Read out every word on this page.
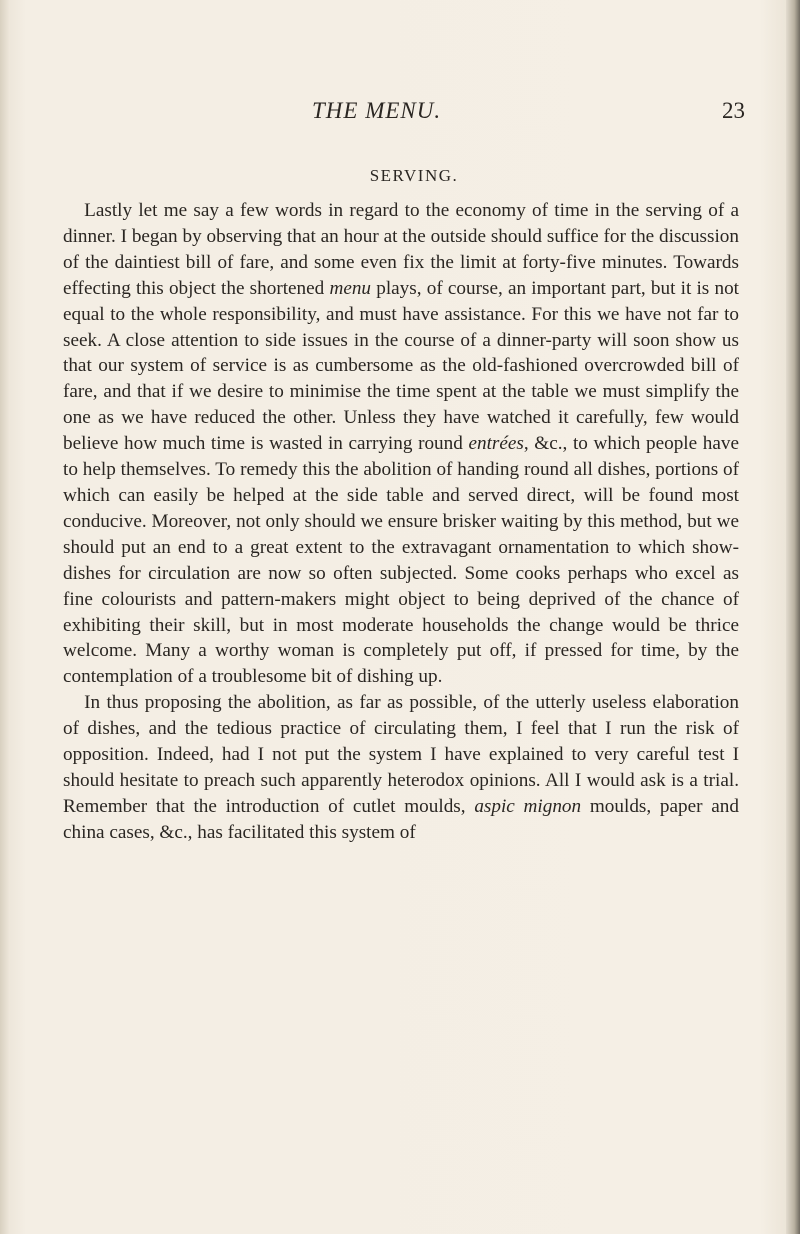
THE MENU.	23
SERVING.

Lastly let me say a few words in regard to the economy of time in the serving of a dinner. I began by observing that an hour at the outside should suffice for the discussion of the daintiest bill of fare, and some even fix the limit at forty-five minutes. Towards effecting this object the shortened menu plays, of course, an important part, but it is not equal to the whole responsibility, and must have assistance. For this we have not far to seek. A close attention to side issues in the course of a dinner-party will soon show us that our system of service is as cumbersome as the old-fashioned overcrowded bill of fare, and that if we desire to minimise the time spent at the table we must simplify the one as we have reduced the other. Unless they have watched it carefully, few would believe how much time is wasted in carrying round entrées, &c., to which people have to help themselves. To remedy this the abolition of handing round all dishes, portions of which can easily be helped at the side table and served direct, will be found most conducive. Moreover, not only should we ensure brisker waiting by this method, but we should put an end to a great extent to the extravagant ornamentation to which show-dishes for circulation are now so often subjected. Some cooks perhaps who excel as fine colourists and pattern-makers might object to being deprived of the chance of exhibiting their skill, but in most moderate households the change would be thrice welcome. Many a worthy woman is completely put off, if pressed for time, by the contemplation of a troublesome bit of dishing up.

In thus proposing the abolition, as far as possible, of the utterly useless elaboration of dishes, and the tedious practice of circulating them, I feel that I run the risk of opposition. Indeed, had I not put the system I have explained to very careful test I should hesitate to preach such apparently heterodox opinions. All I would ask is a trial. Remember that the introduction of cutlet moulds, aspic mignon moulds, paper and china cases, &c., has facilitated this system of
